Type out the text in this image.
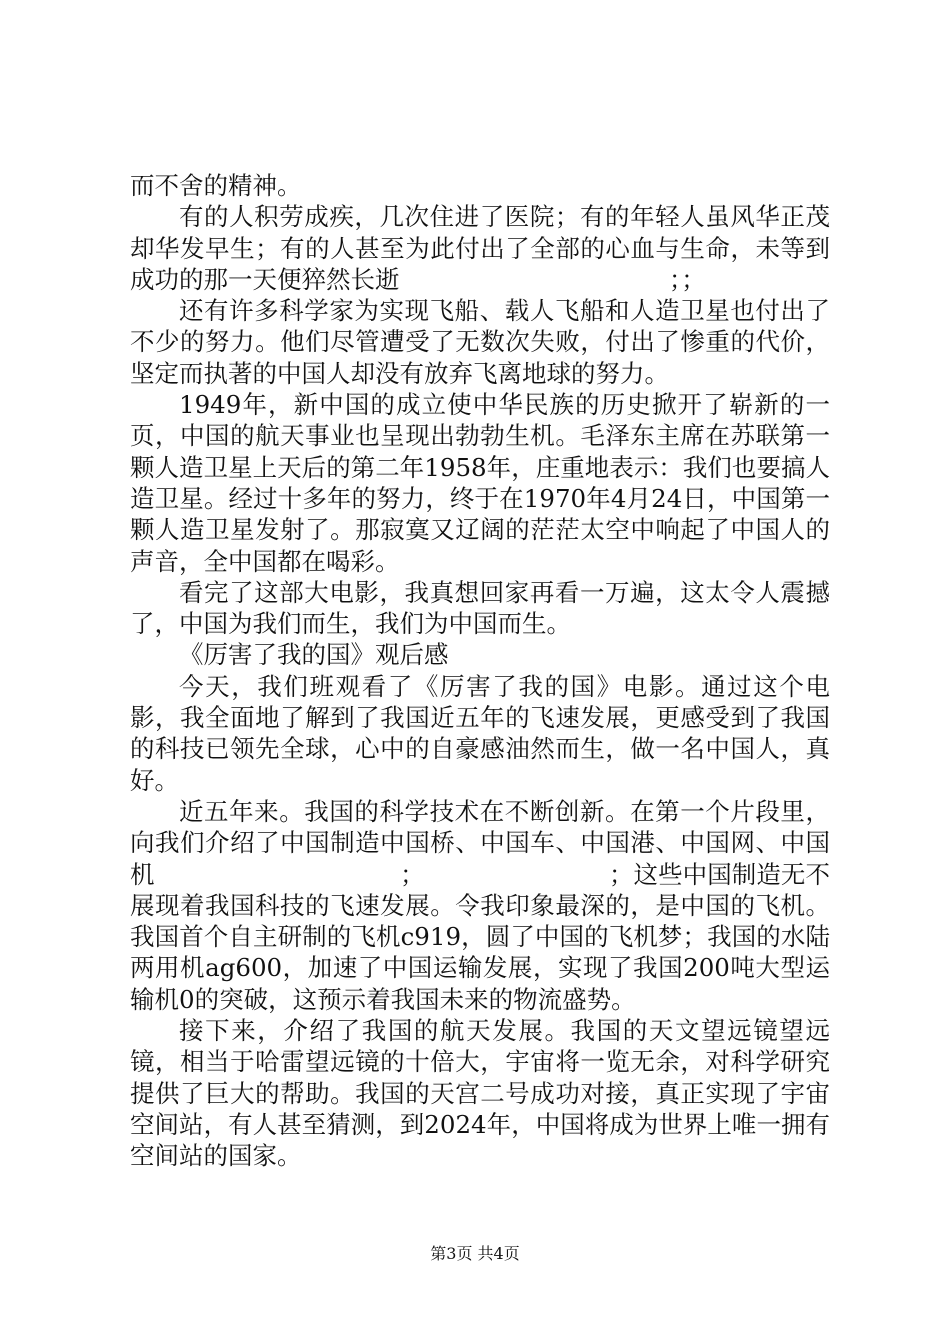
而不舍的精神。

有的人积劳成疾，几次住进了医院；有的年轻人虽风华正茂却华发早生；有的人甚至为此付出了全部的心血与生命，未等到成功的那一天便猝然长逝　　　　　　　　　　　；；

还有许多科学家为实现飞船、载人飞船和人造卫星也付出了不少的努力。他们尽管遭受了无数次失败，付出了惨重的代价，坚定而执著的中国人却没有放弃飞离地球的努力。

1949年，新中国的成立使中华民族的历史掀开了崭新的一页，中国的航天事业也呈现出勃勃生机。毛泽东主席在苏联第一颗人造卫星上天后的第二年1958年，庄重地表示：我们也要搞人造卫星。经过十多年的努力，终于在1970年4月24日，中国第一颗人造卫星发射了。那寂寞又辽阔的茫茫太空中响起了中国人的声音，全中国都在喝彩。

看完了这部大电影，我真想回家再看一万遍，这太令人震撼了，中国为我们而生，我们为中国而生。

《厉害了我的国》观后感

今天，我们班观看了《厉害了我的国》电影。通过这个电影，我全面地了解到了我国近五年的飞速发展，更感受到了我国的科技已领先全球，心中的自豪感油然而生，做一名中国人，真好。

近五年来。我国的科学技术在不断创新。在第一个片段里，向我们介绍了中国制造中国桥、中国车、中国港、中国网、中国机　　　　　　　　　　；　　　　　　　　；这些中国制造无不展现着我国科技的飞速发展。令我印象最深的，是中国的飞机。我国首个自主研制的飞机c919，圆了中国的飞机梦；我国的水陆两用机ag600，加速了中国运输发展，实现了我国200吨大型运输机0的突破，这预示着我国未来的物流盛势。

接下来，介绍了我国的航天发展。我国的天文望远镜望远镜，相当于哈雷望远镜的十倍大，宇宙将一览无余，对科学研究提供了巨大的帮助。我国的天宫二号成功对接，真正实现了宇宙空间站，有人甚至猜测，到2024年，中国将成为世界上唯一拥有空间站的国家。

第3页 共4页
